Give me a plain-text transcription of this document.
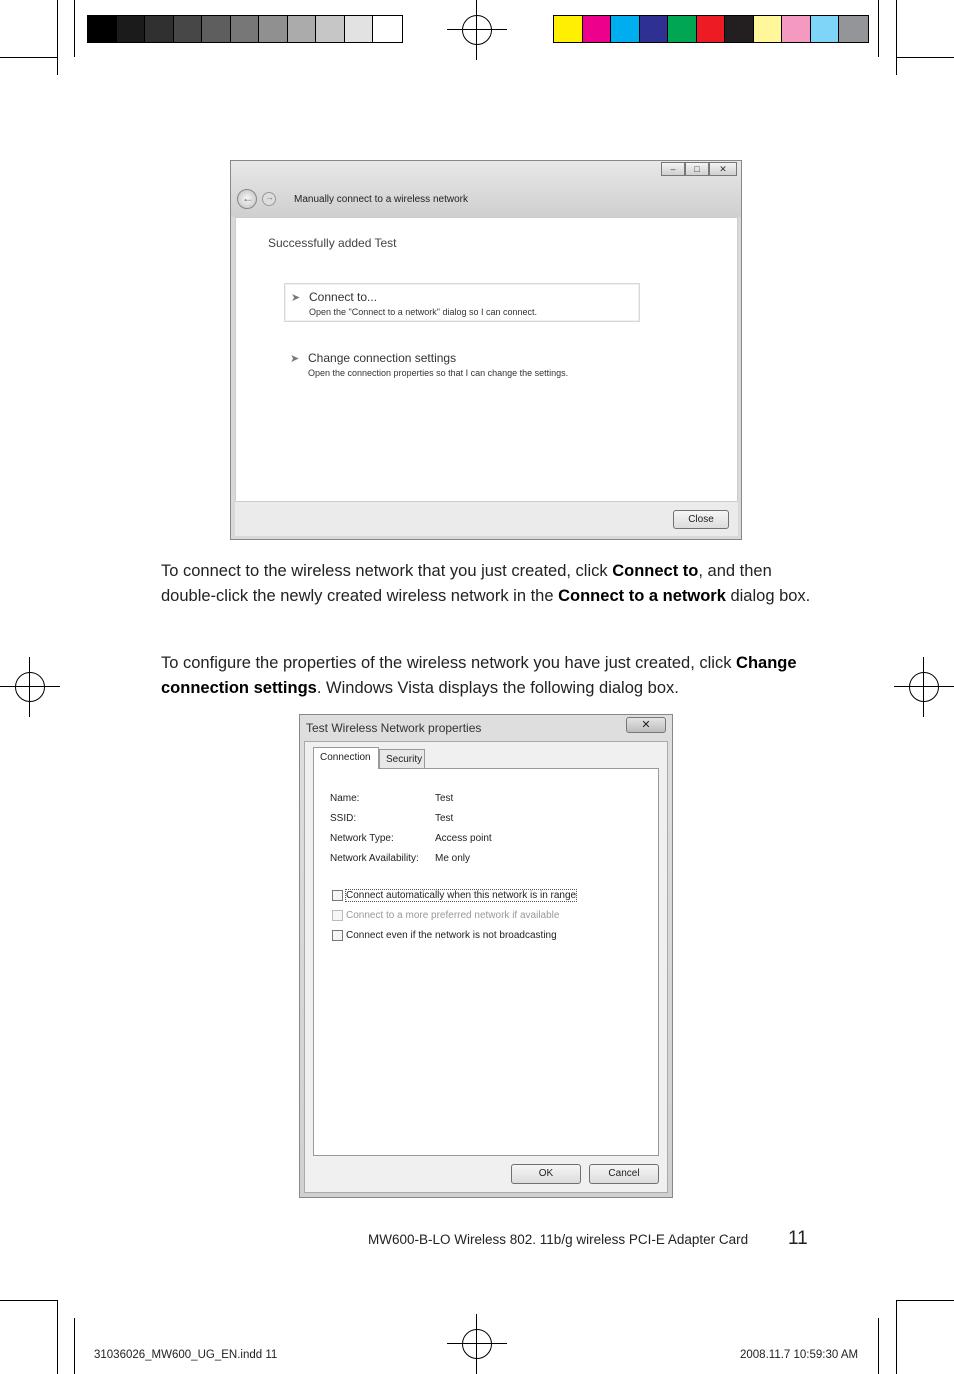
–	□	✕
←
→
Manually connect to a wireless network
Successfully added Test
➤ Connect to...
Open the "Connect to a network" dialog so I can connect.
➤ Change connection settings
Open the connection properties so that I can change the settings.
Close
To connect to the wireless network that you just created, click Connect to, and then double-click the newly created wireless network in the Connect to a network dialog box.
To configure the properties of the wireless network you have just created, click Change connection settings. Windows Vista displays the following dialog box.
Test Wireless Network properties	✕
Connection	Security
Name:	Test
SSID:	Test
Network Type:	Access point
Network Availability: Me only
Connect automatically when this network is in range
Connect to a more preferred network if available
Connect even if the network is not broadcasting
OK	Cancel
MW600-B-LO Wireless 802. 11b/g wireless PCI-E Adapter Card 11
31036026_MW600_UG_EN.indd 11	2008.11.7 10:59:30 AM
